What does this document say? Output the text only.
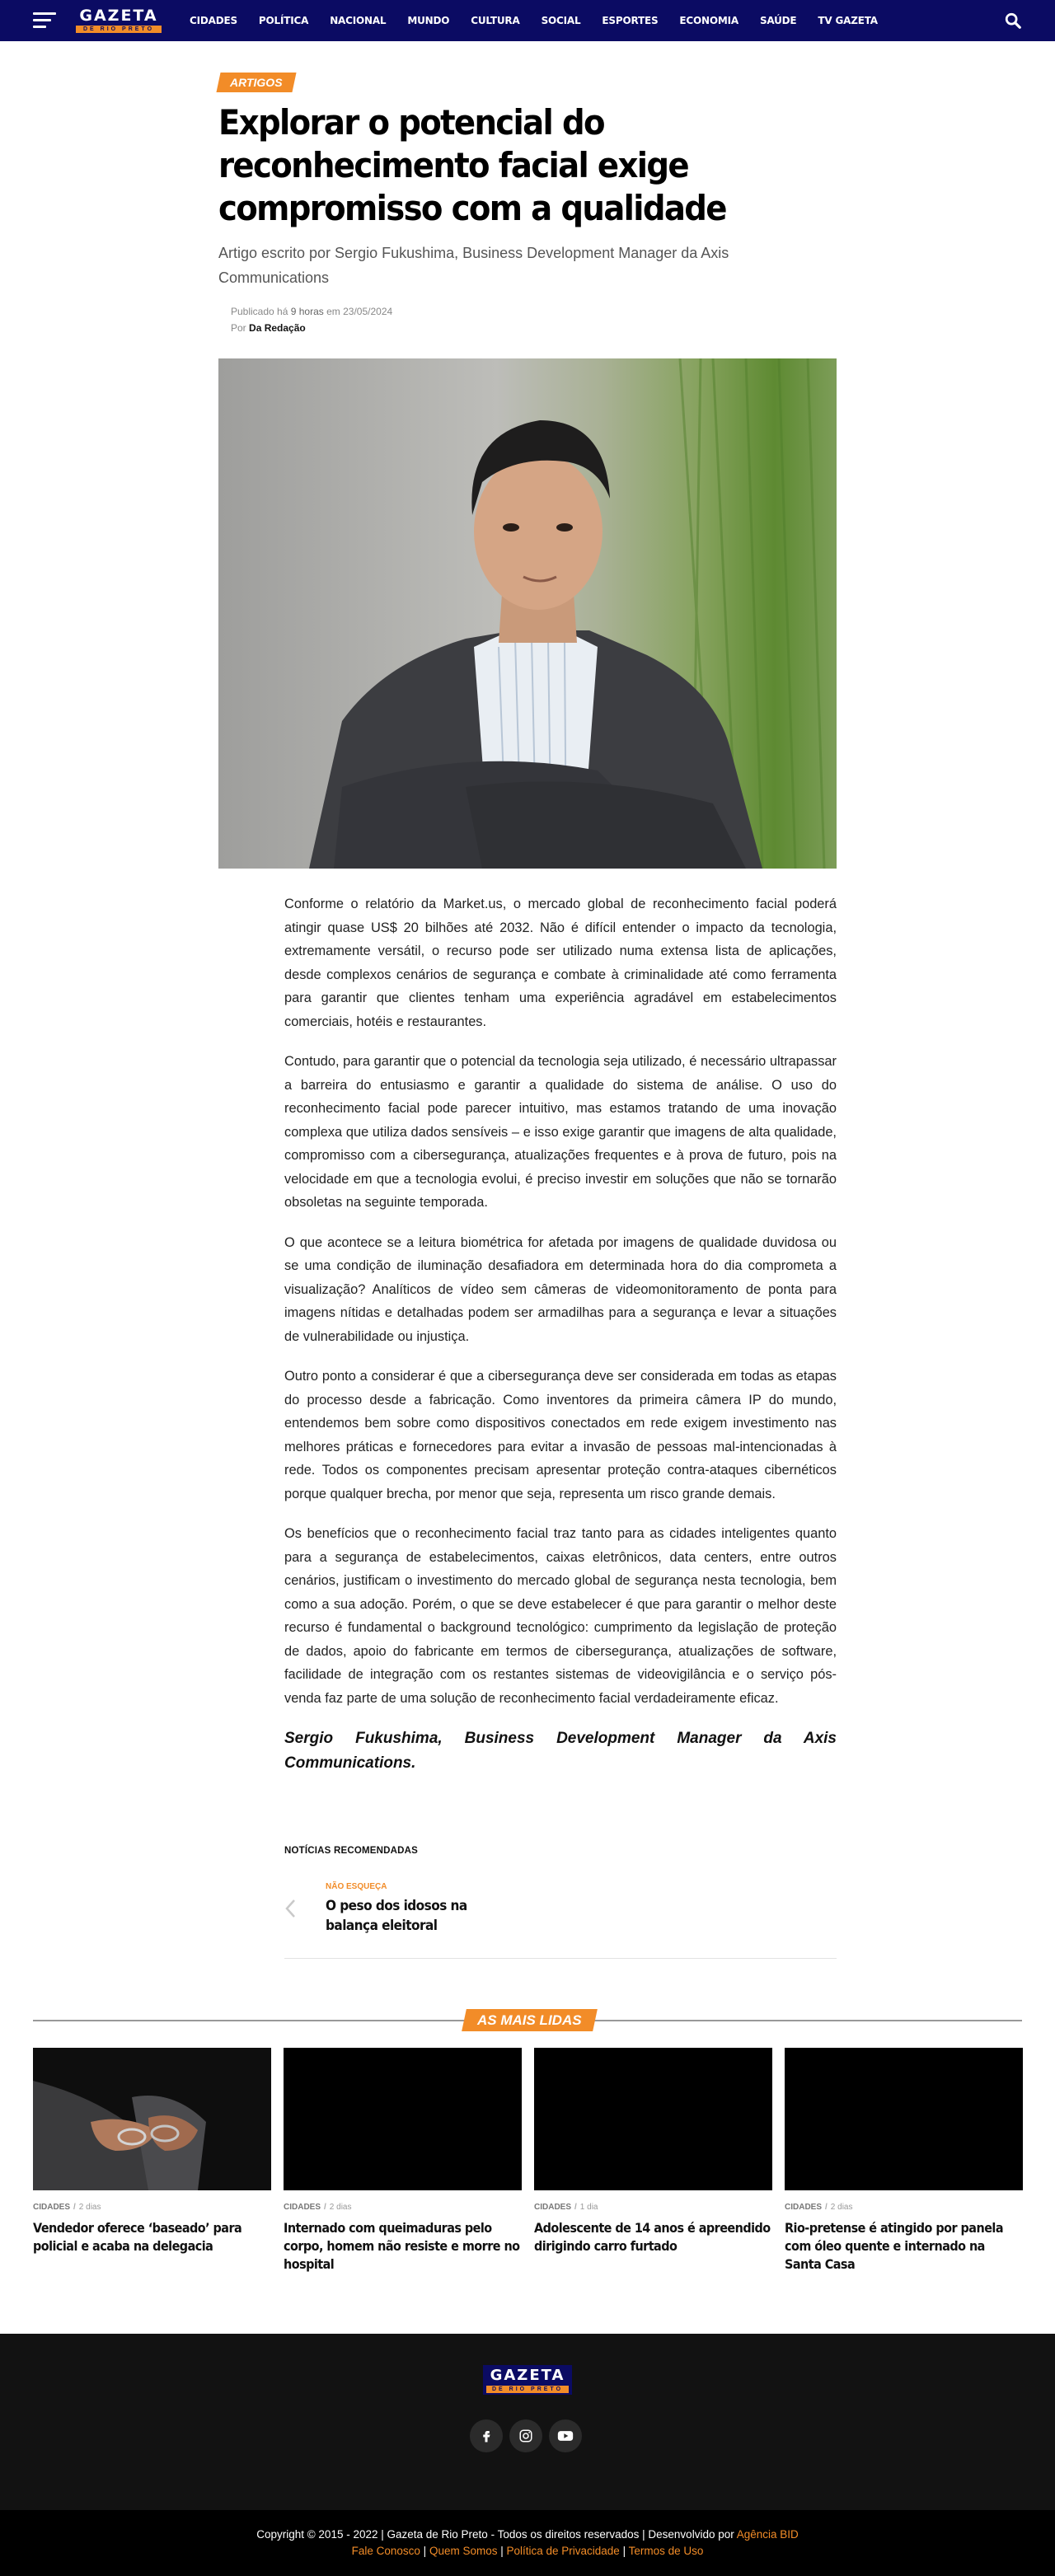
GAZETA
DE RIO PRETO
CIDADES POLÍTICA NACIONAL MUNDO CULTURA SOCIAL ESPORTES ECONOMIA SAÚDE TV GAZETA
ARTIGOS
Explorar o potencial do reconhecimento facial exige compromisso com a qualidade

Artigo escrito por Sergio Fukushima, Business Development Manager da Axis Communications

Publicado há 9 horas em 23/05/2024
Por Da Redação

Conforme o relatório da Market.us, o mercado global de reconhecimento facial poderá atingir quase US$ 20 bilhões até 2032. Não é difícil entender o impacto da tecnologia, extremamente versátil, o recurso pode ser utilizado numa extensa lista de aplicações, desde complexos cenários de segurança e combate à criminalidade até como ferramenta para garantir que clientes tenham uma experiência agradável em estabelecimentos comerciais, hotéis e restaurantes.

Contudo, para garantir que o potencial da tecnologia seja utilizado, é necessário ultrapassar a barreira do entusiasmo e garantir a qualidade do sistema de análise. O uso do reconhecimento facial pode parecer intuitivo, mas estamos tratando de uma inovação complexa que utiliza dados sensíveis – e isso exige garantir que imagens de alta qualidade, compromisso com a cibersegurança, atualizações frequentes e à prova de futuro, pois na velocidade em que a tecnologia evolui, é preciso investir em soluções que não se tornarão obsoletas na seguinte temporada.

O que acontece se a leitura biométrica for afetada por imagens de qualidade duvidosa ou se uma condição de iluminação desafiadora em determinada hora do dia comprometa a visualização? Analíticos de vídeo sem câmeras de videomonitoramento de ponta para imagens nítidas e detalhadas podem ser armadilhas para a segurança e levar a situações de vulnerabilidade ou injustiça.

Outro ponto a considerar é que a cibersegurança deve ser considerada em todas as etapas do processo desde a fabricação. Como inventores da primeira câmera IP do mundo, entendemos bem sobre como dispositivos conectados em rede exigem investimento nas melhores práticas e fornecedores para evitar a invasão de pessoas mal-intencionadas à rede. Todos os componentes precisam apresentar proteção contra-ataques cibernéticos porque qualquer brecha, por menor que seja, representa um risco grande demais.

Os benefícios que o reconhecimento facial traz tanto para as cidades inteligentes quanto para a segurança de estabelecimentos, caixas eletrônicos, data centers, entre outros cenários, justificam o investimento do mercado global de segurança nesta tecnologia, bem como a sua adoção. Porém, o que se deve estabelecer é que para garantir o melhor deste recurso é fundamental o background tecnológico: cumprimento da legislação de proteção de dados, apoio do fabricante em termos de cibersegurança, atualizações de software, facilidade de integração com os restantes sistemas de videovigilância e o serviço pós-venda faz parte de uma solução de reconhecimento facial verdadeiramente eficaz.

Sergio Fukushima, Business Development Manager da Axis Communications.

NOTÍCIAS RECOMENDADAS
NÃO ESQUEÇA
O peso dos idosos na balança eleitoral
AS MAIS LIDAS
CIDADES / 2 dias
Vendedor oferece ‘baseado’ para policial e acaba na delegacia
CIDADES / 2 dias
Internado com queimaduras pelo corpo, homem não resiste e morre no hospital
CIDADES / 1 dia
Adolescente de 14 anos é apreendido dirigindo carro furtado
CIDADES / 2 dias
Rio-pretense é atingido por panela com óleo quente e internado na Santa Casa
GAZETA
DE RIO PRETO
Copyright © 2015 - 2022 | Gazeta de Rio Preto - Todos os direitos reservados | Desenvolvido por Agência BID
Fale Conosco | Quem Somos | Política de Privacidade | Termos de Uso
